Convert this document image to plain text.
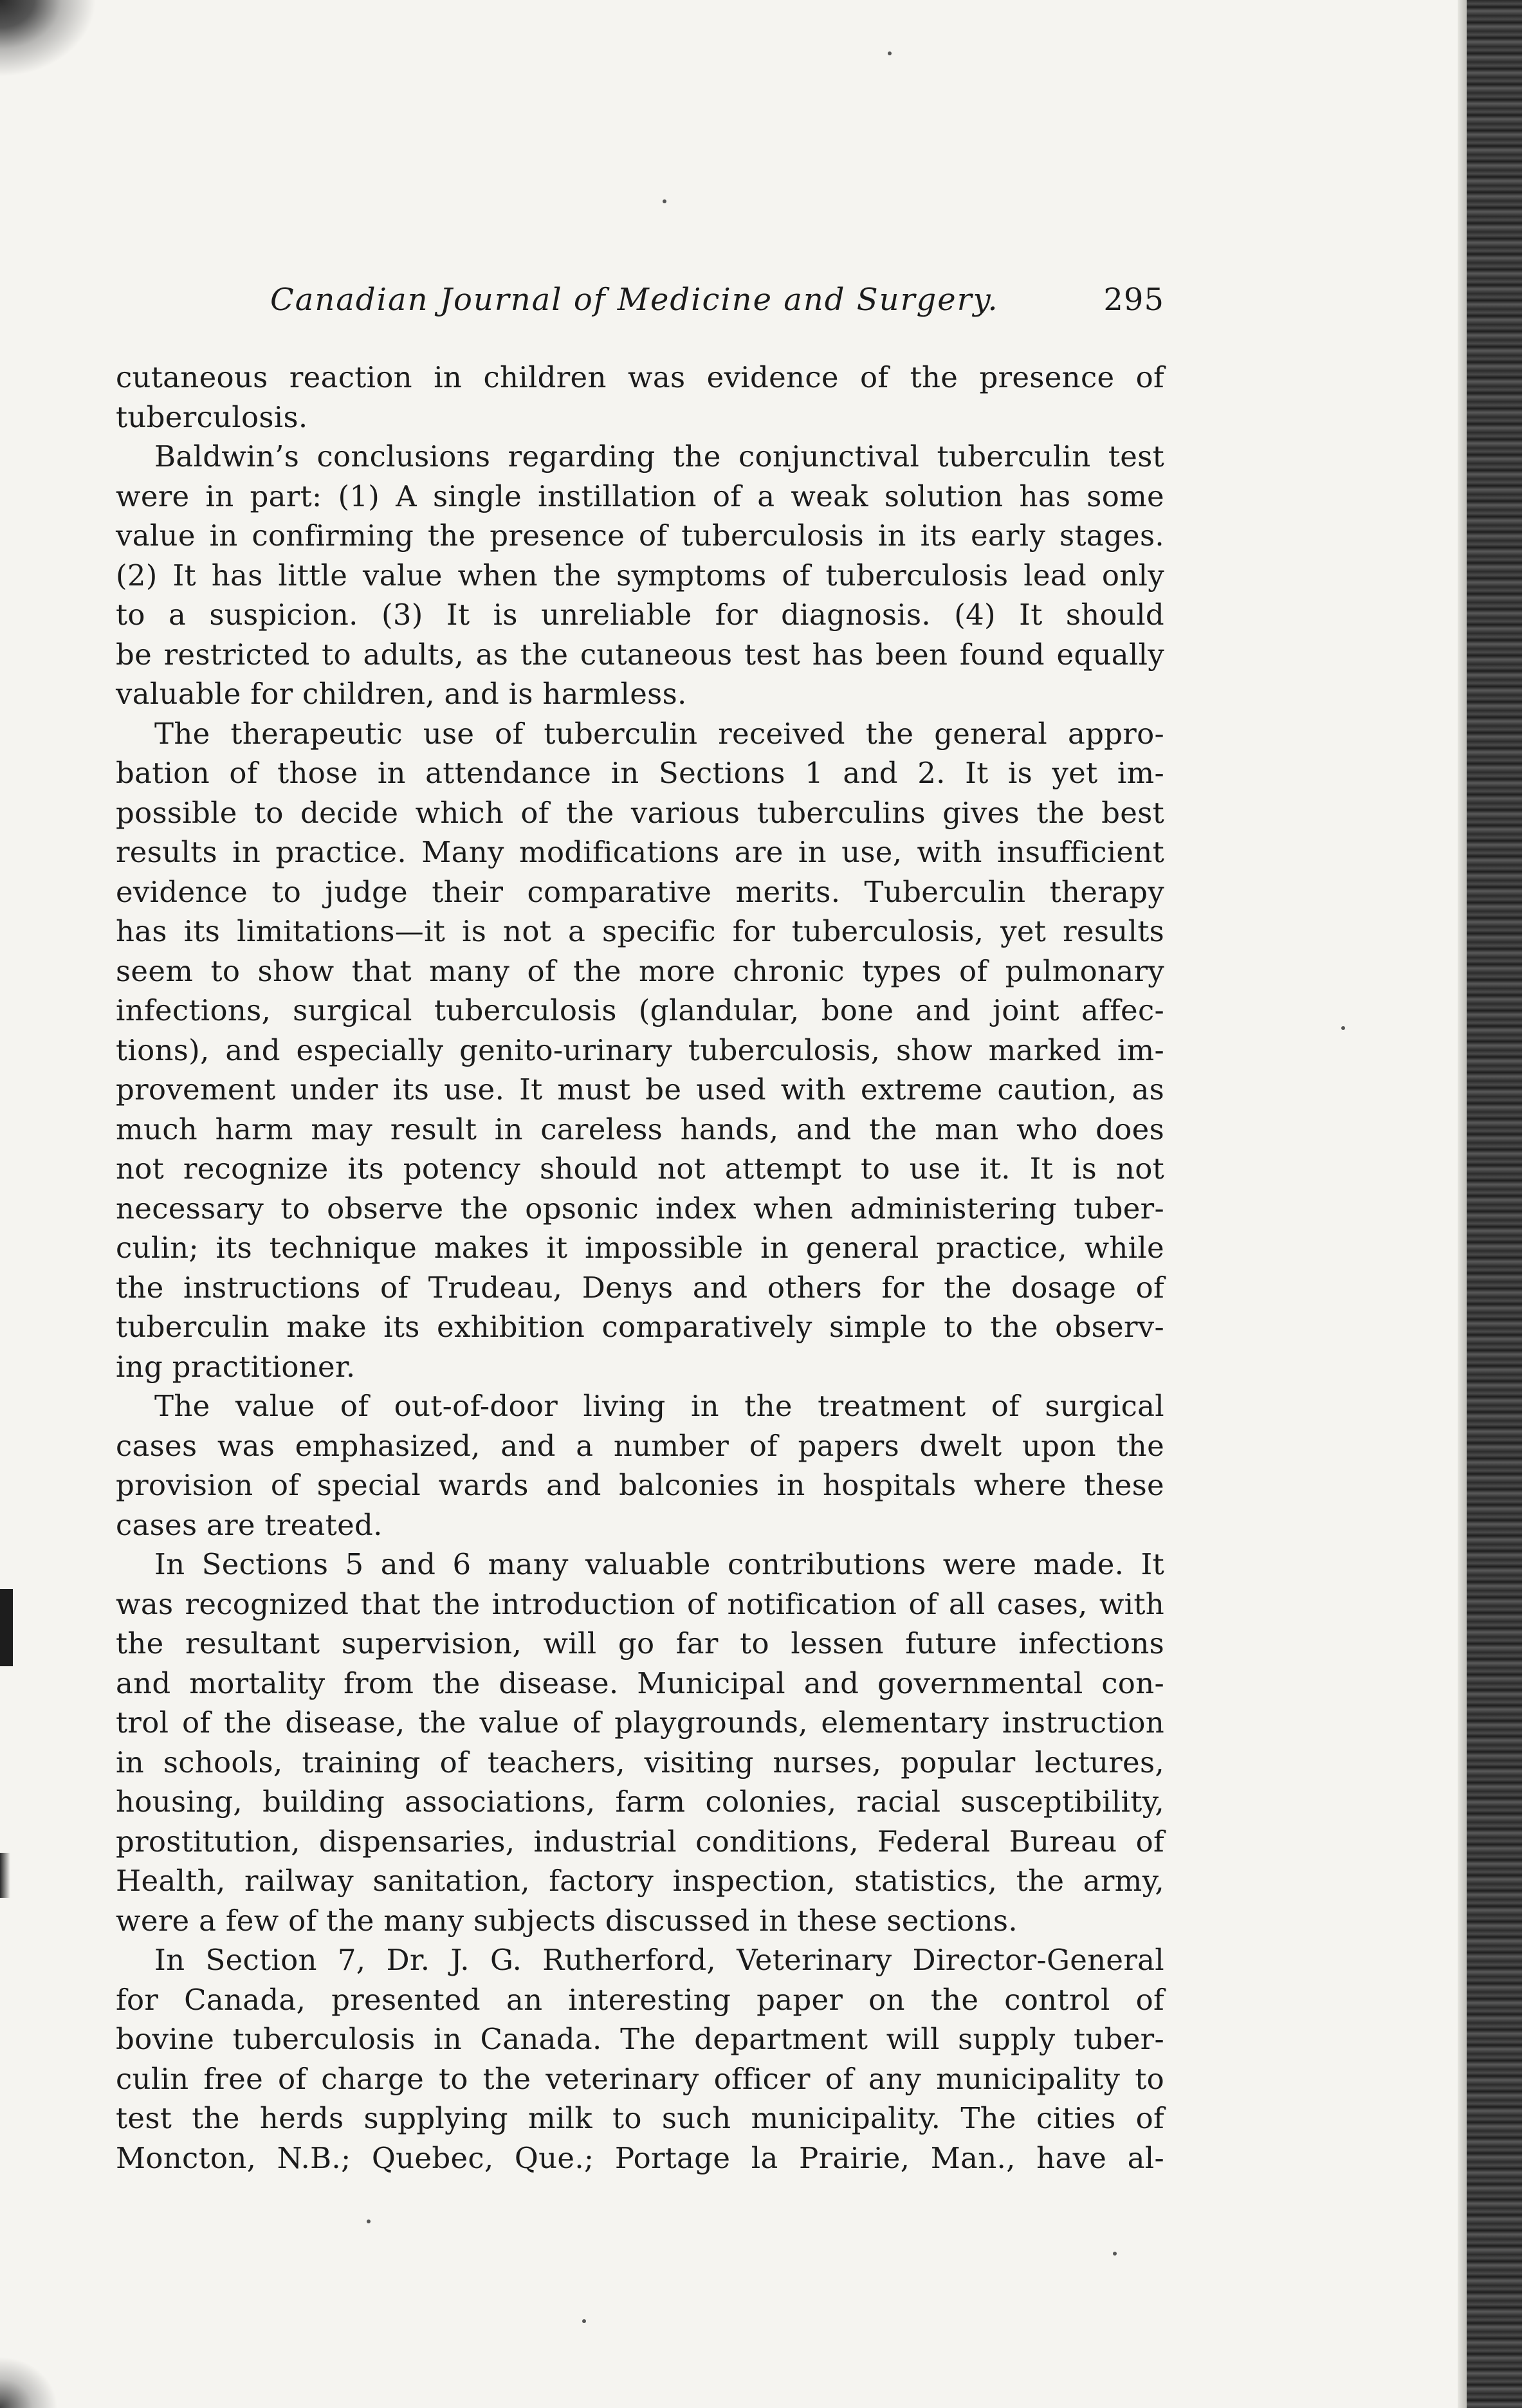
Canadian Journal of Medicine and Surgery.	295
cutaneous reaction in children was evidence of the presence of
tuberculosis.
Baldwin’s conclusions regarding the conjunctival tuberculin test
were in part: (1) A single instillation of a weak solution has some
value in confirming the presence of tuberculosis in its early stages.
(2) It has little value when the symptoms of tuberculosis lead only
to a suspicion. (3) It is unreliable for diagnosis. (4) It should
be restricted to adults, as the cutaneous test has been found equally
valuable for children, and is harmless.
The therapeutic use of tuberculin received the general appro-
bation of those in attendance in Sections 1 and 2. It is yet im-
possible to decide which of the various tuberculins gives the best
results in practice. Many modifications are in use, with insufficient
evidence to judge their comparative merits. Tuberculin therapy
has its limitations—it is not a specific for tuberculosis, yet results
seem to show that many of the more chronic types of pulmonary
infections, surgical tuberculosis (glandular, bone and joint affec-
tions), and especially genito-urinary tuberculosis, show marked im-
provement under its use. It must be used with extreme caution, as
much harm may result in careless hands, and the man who does
not recognize its potency should not attempt to use it. It is not
necessary to observe the opsonic index when administering tuber-
culin; its technique makes it impossible in general practice, while
the instructions of Trudeau, Denys and others for the dosage of
tuberculin make its exhibition comparatively simple to the observ-
ing practitioner.
The value of out-of-door living in the treatment of surgical
cases was emphasized, and a number of papers dwelt upon the
provision of special wards and balconies in hospitals where these
cases are treated.
In Sections 5 and 6 many valuable contributions were made. It
was recognized that the introduction of notification of all cases, with
the resultant supervision, will go far to lessen future infections
and mortality from the disease. Municipal and governmental con-
trol of the disease, the value of playgrounds, elementary instruction
in schools, training of teachers, visiting nurses, popular lectures,
housing, building associations, farm colonies, racial susceptibility,
prostitution, dispensaries, industrial conditions, Federal Bureau of
Health, railway sanitation, factory inspection, statistics, the army,
were a few of the many subjects discussed in these sections.
In Section 7, Dr. J. G. Rutherford, Veterinary Director-General
for Canada, presented an interesting paper on the control of
bovine tuberculosis in Canada. The department will supply tuber-
culin free of charge to the veterinary officer of any municipality to
test the herds supplying milk to such municipality. The cities of
Moncton, N.B.; Quebec, Que.; Portage la Prairie, Man., have al-
